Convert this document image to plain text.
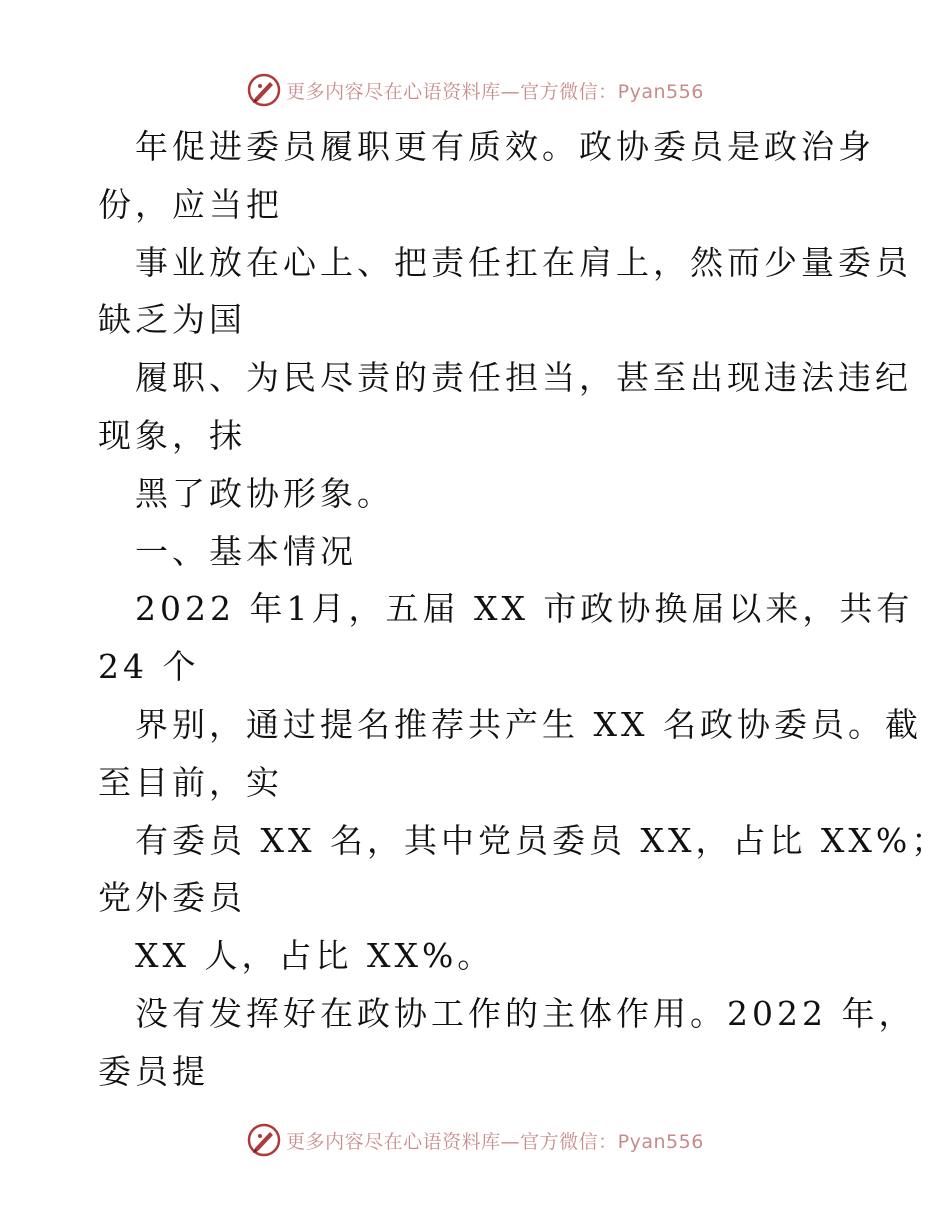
更多内容尽在心语资料库—官方微信：Pyan556
年促进委员履职更有质效。政协委员是政治身
份，应当把
事业放在心上、把责任扛在肩上，然而少量委员
缺乏为国
履职、为民尽责的责任担当，甚至出现违法违纪
现象，抹
黑了政协形象。
一、基本情况
2022 年1月，五届 XX 市政协换届以来，共有
24 个
界别，通过提名推荐共产生 XX 名政协委员。截
至目前，实
有委员 XX 名，其中党员委员 XX，占比 XX%；
党外委员
XX 人，占比 XX%。
没有发挥好在政协工作的主体作用。2022 年，
委员提
更多内容尽在心语资料库—官方微信：Pyan556
